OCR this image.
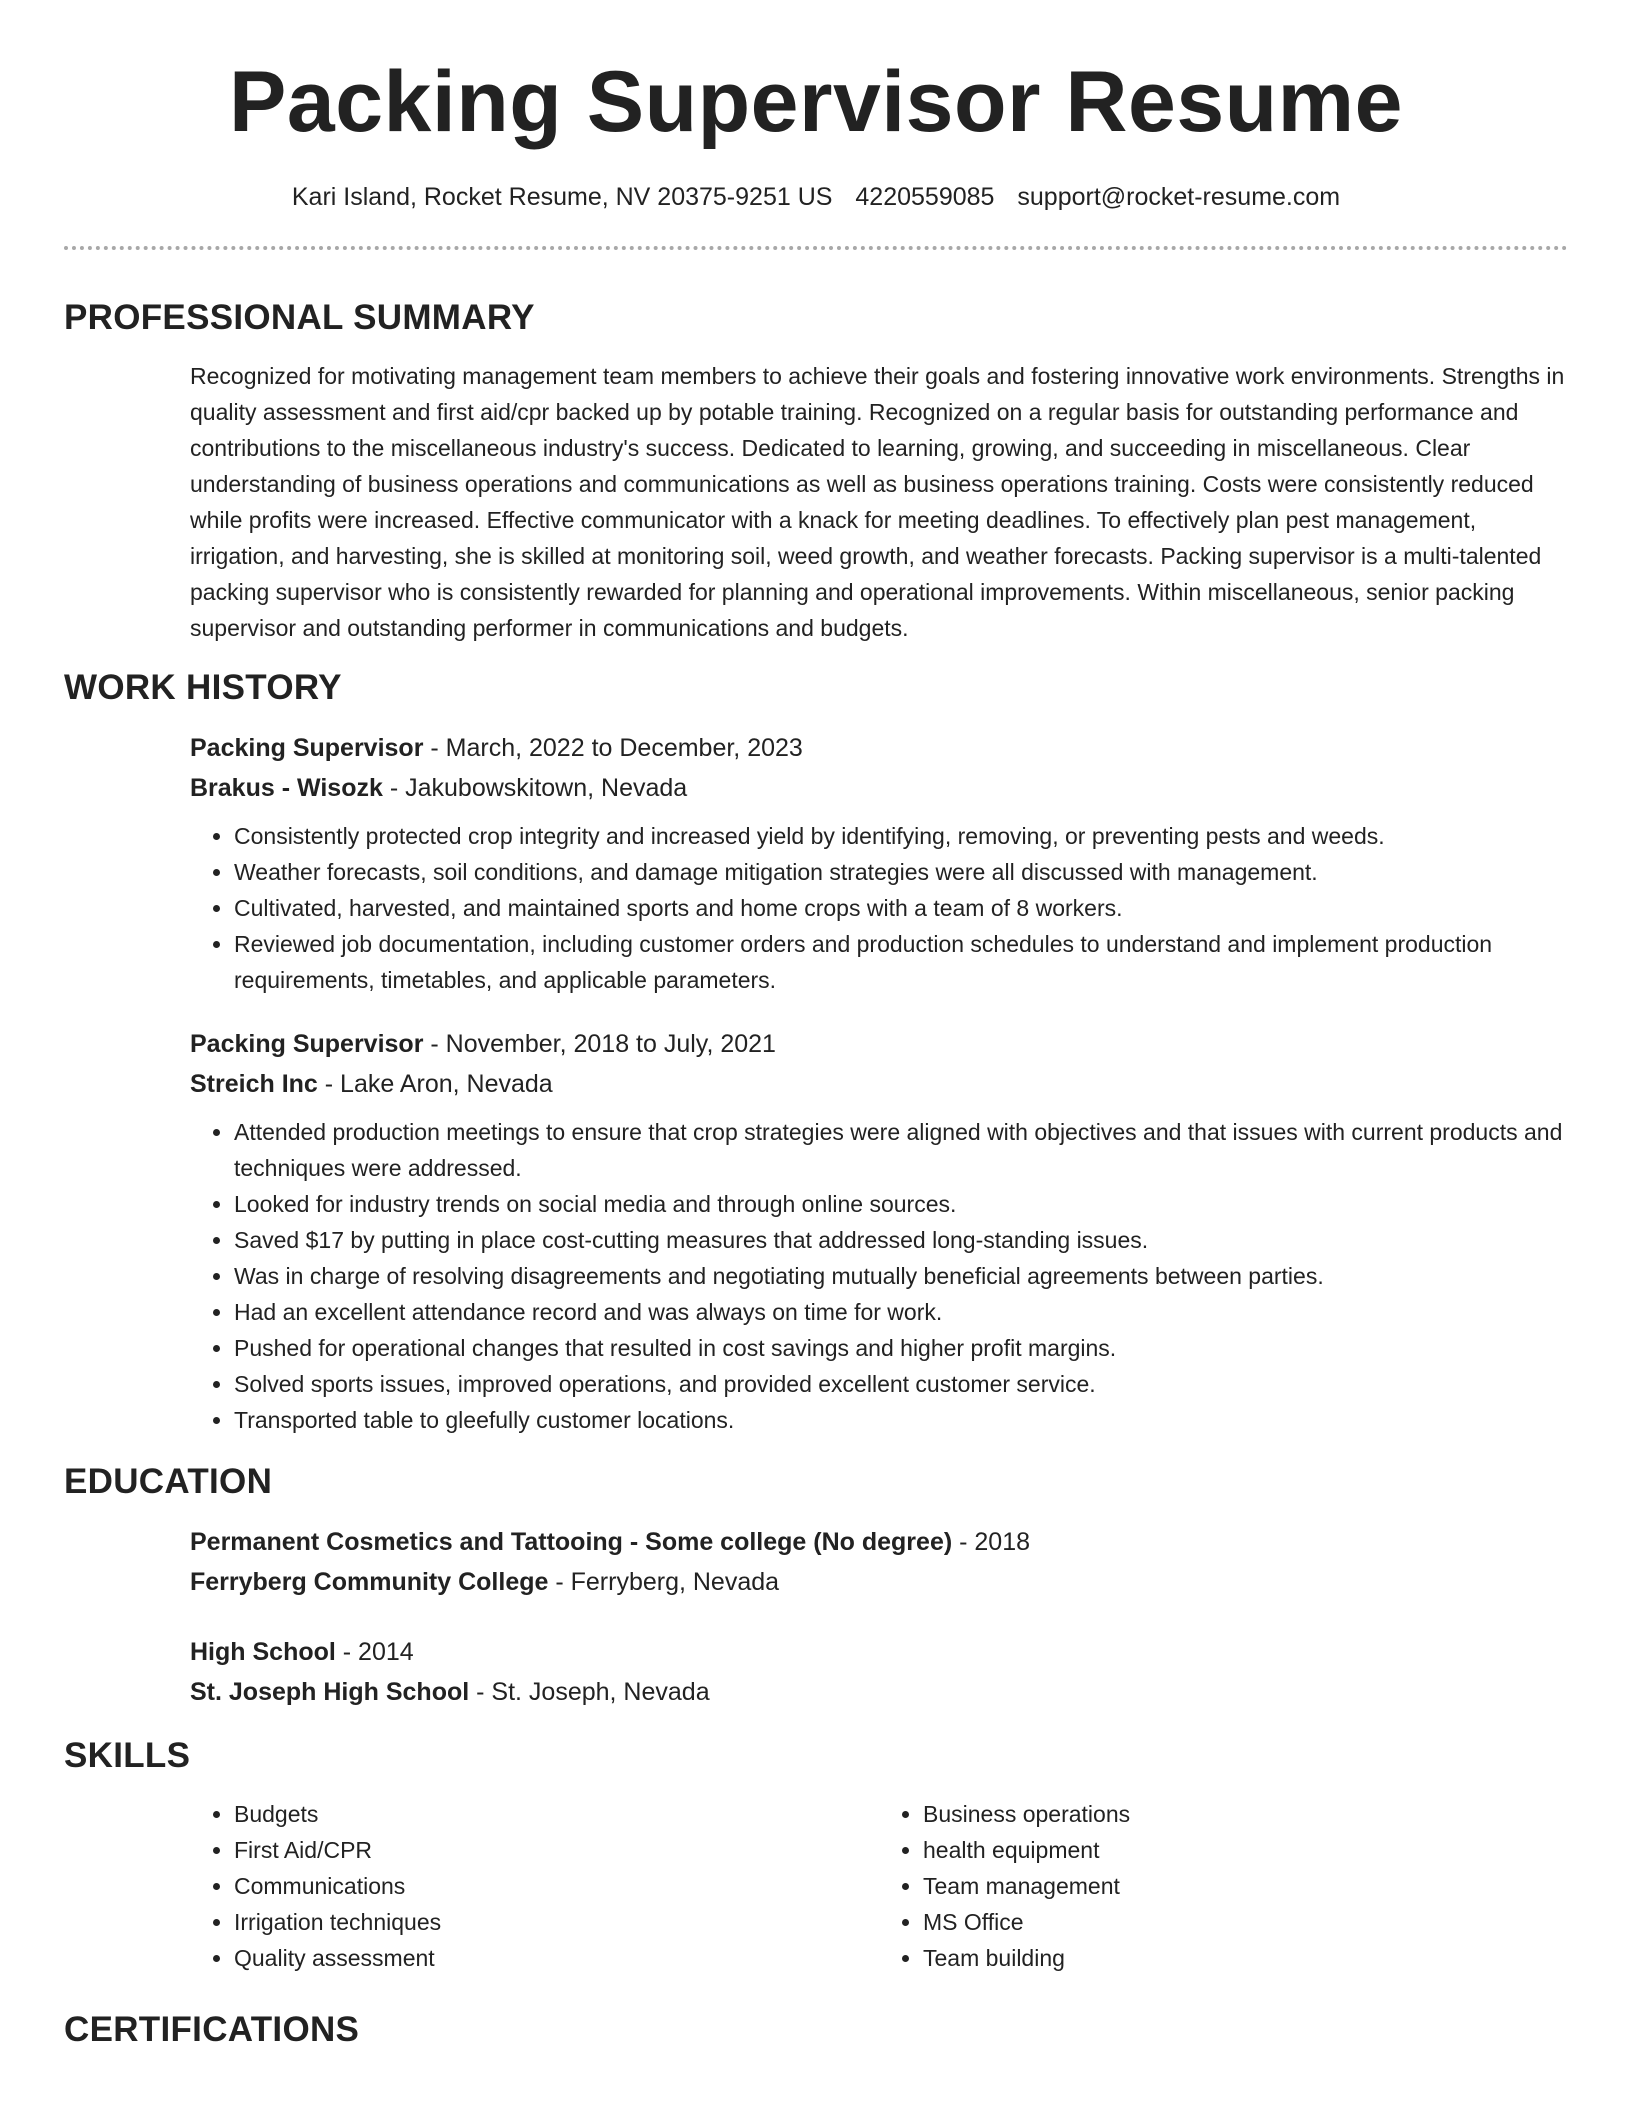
Packing Supervisor Resume
Kari Island, Rocket Resume, NV 20375-9251 US 4220559085 support@rocket-resume.com
PROFESSIONAL SUMMARY

Recognized for motivating management team members to achieve their goals and fostering innovative work environments. Strengths in quality assessment and first aid/cpr backed up by potable training. Recognized on a regular basis for outstanding performance and contributions to the miscellaneous industry's success. Dedicated to learning, growing, and succeeding in miscellaneous. Clear understanding of business operations and communications as well as business operations training. Costs were consistently reduced while profits were increased. Effective communicator with a knack for meeting deadlines. To effectively plan pest management, irrigation, and harvesting, she is skilled at monitoring soil, weed growth, and weather forecasts. Packing supervisor is a multi-talented packing supervisor who is consistently rewarded for planning and operational improvements. Within miscellaneous, senior packing supervisor and outstanding performer in communications and budgets.

WORK HISTORY

Packing Supervisor - March, 2022 to December, 2023

Brakus - Wisozk - Jakubowskitown, Nevada

• Consistently protected crop integrity and increased yield by identifying, removing, or preventing pests and weeds.
• Weather forecasts, soil conditions, and damage mitigation strategies were all discussed with management.
• Cultivated, harvested, and maintained sports and home crops with a team of 8 workers.
• Reviewed job documentation, including customer orders and production schedules to understand and implement production requirements, timetables, and applicable parameters.

Packing Supervisor - November, 2018 to July, 2021

Streich Inc - Lake Aron, Nevada

• Attended production meetings to ensure that crop strategies were aligned with objectives and that issues with current products and techniques were addressed.
• Looked for industry trends on social media and through online sources.
• Saved $17 by putting in place cost-cutting measures that addressed long-standing issues.
• Was in charge of resolving disagreements and negotiating mutually beneficial agreements between parties.
• Had an excellent attendance record and was always on time for work.
• Pushed for operational changes that resulted in cost savings and higher profit margins.
• Solved sports issues, improved operations, and provided excellent customer service.
• Transported table to gleefully customer locations.
EDUCATION

Permanent Cosmetics and Tattooing - Some college (No degree) - 2018

Ferryberg Community College - Ferryberg, Nevada

High School - 2014

St. Joseph High School - St. Joseph, Nevada

SKILLS
• Budgets
• First Aid/CPR
• Communications
• Irrigation techniques
• Quality assessment
• Business operations
• health equipment
• Team management
• MS Office
• Team building
CERTIFICATIONS
